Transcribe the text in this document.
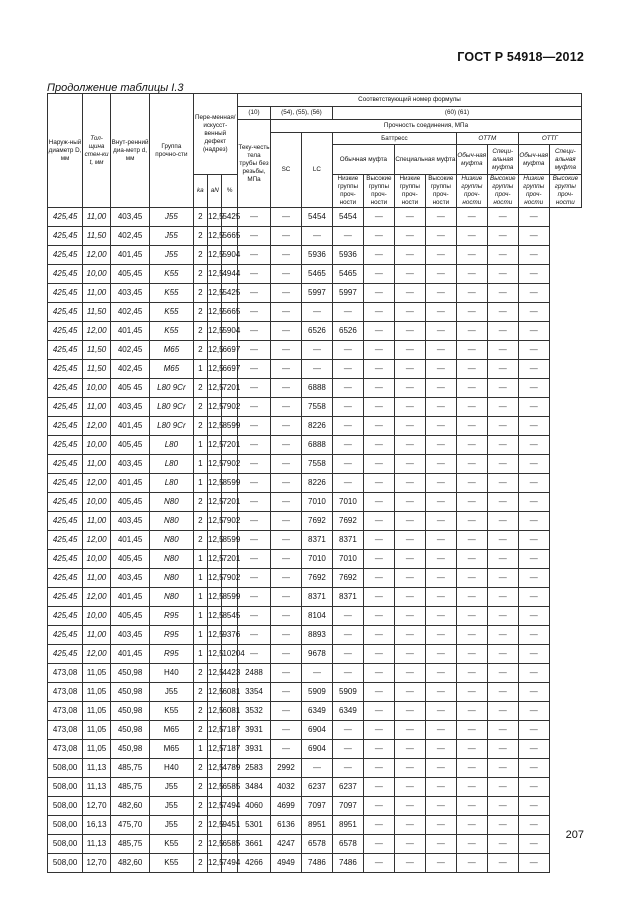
ГОСТ Р 54918—2012
Продолжение таблицы I.3
Наруж-ный диаметр D, мм	Тол-щина стен-ки t, мм	Внут-ренний диа-метр d, мм	Группа прочно-сти	Пере-менная/ искусст-венный дефект (надрез)			Соответствующий номер формулы										
							(10)	(54), (55), (56)		(60) (61)							
							Теку-честь тела трубы без резьбы, МПа	Прочность соединения, МПа									
								SC	LC	Баттресс				ОТТМ		ОТТГ	
										Обычная муфта		Специальная муфта		Обыч-ная муфта	Специ-альная муфта	Обыч-ная муфта	Специ-альная муфта
				kа	aN	%				Низкие группы проч-ности	Высокие группы проч-ности	Низкие группы проч-ности	Высокие группы проч-ности	Низкие группы проч-ности	Высокие группы проч-ности	Низкие группы проч-ности	Высокие группы проч-ности
425,45	11,00	403,45	J55	2	12,5	5425	—	—	5454	5454	—	—	—	—	—	—	
425,45	11,50	402,45	J55	2	12,5	5665	—	—	—	—	—	—	—	—	—	—	
425,45	12,00	401,45	J55	2	12,5	5904	—	—	5936	5936	—	—	—	—	—	—	
425,45	10,00	405,45	K55	2	12,5	4944	—	—	5465	5465	—	—	—	—	—	—	
425,45	11,00	403,45	K55	2	12,5	5425	—	—	5997	5997	—	—	—	—	—	—	
425,45	11,50	402,45	K55	2	12,5	5665	—	—	—	—	—	—	—	—	—	—	
425,45	12,00	401,45	K55	2	12,5	5904	—	—	6526	6526	—	—	—	—	—	—	
425,45	11,50	402,45	M65	2	12,5	6697	—	—	—	—	—	—	—	—	—	—	
425,45	11,50	402,45	M65	1	12,5	6697	—	—	—	—	—	—	—	—	—	—	
425,45	10,00	405 45	L80 9Cr	2	12,5	7201	—	—	6888	—	—	—	—	—	—	—	
425,45	11,00	403,45	L80 9Cr	2	12,5	7902	—	—	7558	—	—	—	—	—	—	—	
425,45	12,00	401,45	L80 9Cr	2	12,5	8599	—	—	8226	—	—	—	—	—	—	—	
425,45	10,00	405,45	L80	1	12,5	7201	—	—	6888	—	—	—	—	—	—	—	
425,45	11,00	403,45	L80	1	12,5	7902	—	—	7558	—	—	—	—	—	—	—	
425,45	12,00	401,45	L80	1	12,5	8599	—	—	8226	—	—	—	—	—	—	—	
425,45	10,00	405,45	N80	2	12,5	7201	—	—	7010	7010	—	—	—	—	—	—	
425,45	11,00	403,45	N80	2	12,5	7902	—	—	7692	7692	—	—	—	—	—	—	
425,45	12,00	401,45	N80	2	12,5	8599	—	—	8371	8371	—	—	—	—	—	—	
425,45	10,00	405,45	N80	1	12,5	7201	—	—	7010	7010	—	—	—	—	—	—	
425,45	11,00	403,45	N80	1	12,5	7902	—	—	7692	7692	—	—	—	—	—	—	
425.45	12,00	401,45	N80	1	12,5	8599	—	—	8371	8371	—	—	—	—	—	—	
425,45	10,00	405,45	R95	1	12,5	8545	—	—	8104	—	—	—	—	—	—	—	
425,45	11,00	403,45	R95	1	12,5	9376	—	—	8893	—	—	—	—	—	—	—	
425,45	12,00	401,45	R95	1	12,5	10204	—	—	9678	—	—	—	—	—	—	—	
473,08	11,05	450,98	H40	2	12,5	4423	2488	—	—	—	—	—	—	—	—	—	
473,08	11,05	450,98	J55	2	12,5	6081	3354	—	5909	5909	—	—	—	—	—	—	
473,08	11,05	450,98	K55	2	12,5	6081	3532	—	6349	6349	—	—	—	—	—	—	
473,08	11,05	450,98	M65	2	12,5	7187	3931	—	6904	—	—	—	—	—	—	—	
473,08	11,05	450,98	M65	1	12,5	7187	3931	—	6904	—	—	—	—	—	—	—	
508,00	11,13	485,75	H40	2	12,5	4789	2583	2992	—	—	—	—	—	—	—	—	
508,00	11,13	485,75	J55	2	12,5	6585	3484	4032	6237	6237	—	—	—	—	—	—	
508,00	12,70	482,60	J55	2	12,5	7494	4060	4699	7097	7097	—	—	—	—	—	—	
508,00	16,13	475,70	J55	2	12,5	9451	5301	6136	8951	8951	—	—	—	—	—	—	
508,00	11,13	485,75	K55	2	12,5	6585	3661	4247	6578	6578	—	—	—	—	—	—	
508,00	12,70	482,60	K55	2	12,5	7494	4266	4949	7486	7486	—	—	—	—	—	—	
207
